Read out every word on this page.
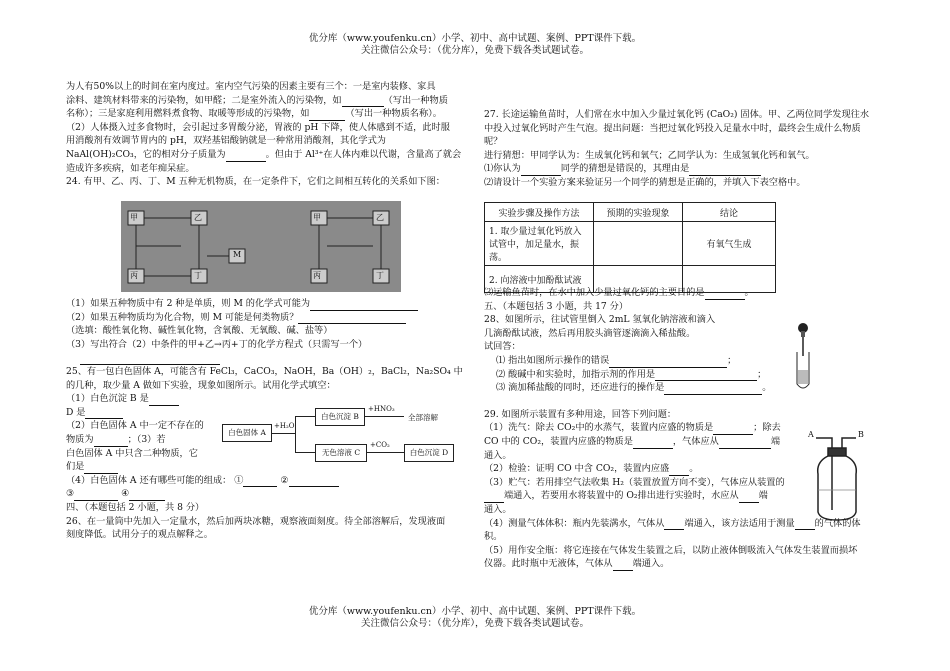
优分库（www.youfenku.cn）小学、初中、高中试题、案例、PPT课件下载。
关注微信公众号：（优分库），免费下载各类试题试卷。

为人有50%以上的时间在室内度过。室内空气污染的因素主要有三个：一是室内装修、家具

涂料、建筑材料带来的污染物，如甲醛；二是室外流入的污染物，如	（写出一种物质

名称）；三是家庭利用燃料煮食物、取暖等形成的污染物，如	（写出一种物质名称）。

（2）人体摄入过多食物时，会引起过多胃酸分泌，胃液的 pH 下降，使人体感到不适，此时服

用消酸剂有效调节胃内的 pH，双羟基铝酸钠就是一种常用消酸剂，其化学式为

NaAl(OH)₂CO₃，它的相对分子质量为	。但由于 Al³⁺在人体内难以代谢，含量高了就会

造成许多疾病，如老年痴呆症。

24. 有甲、乙、丙、丁、M 五种无机物质，在一定条件下，它们之间相互转化的关系如下图：

甲	乙
M
丙	丁
甲	乙
丙	丁

（1）如果五种物质中有 2 种是单质，则 M 的化学式可能为

（2）如果五种物质均为化合物，则 M 可能是何类物质？

（选填：酸性氧化物、碱性氧化物，含氧酸、无氧酸、碱、盐等）

（3）写出符合（2）中条件的甲+乙→丙+丁的化学方程式（只需写一个）

25、有一包白色固体 A，可能含有 FeCl₃，CaCO₃，NaOH，Ba（OH）₂，BaCl₂，Na₂SO₄ 中

的几种，取少量 A 做如下实验，现象如图所示。试用化学式填空：

（1）白色沉淀 B 是

D 是

（2）白色固体 A 中一定不存在的

物质为	；（3）若

白色固体 A 中只含二种物质，它

们是

（4）白色固体 A 还有哪些可能的组成： ①	②

③	④

四、（本题包括 2 小题，共 8 分）

26、在一量筒中先加入一定量水，然后加两块冰糖，观察液面刻度。待全部溶解后，发现液面

刻度降低。试用分子的观点解释之。

白色固体 A
+H₂O
白色沉淀 B
+HNO₃
全部溶解
无色溶液 C
+CO₂
白色沉淀 D

27. 长途运输鱼苗时，人们常在水中加入少量过氧化钙 (CaO₂) 固体。甲、乙两位同学发现往水

中投入过氧化钙时产生气泡。提出问题：当把过氧化钙投入足量水中时，最终会生成什么物质

呢？

进行猜想：甲同学认为：生成氧化钙和氧气；乙同学认为：生成氢氧化钙和氧气。

⑴你认为	同学的猜想是错误的，其理由是

⑵请设计一个实验方案来验证另一个同学的猜想是正确的，并填入下表空格中。

实验步骤及操作方法	预期的实验现象	结论
1. 取少量过氧化钙放入试管中，加足量水，振荡。		有氧气生成
2. 向溶液中加酚酞试液		

⑶运输鱼苗时，在水中加入少量过氧化钙的主要目的是	。

五、（本题包括 3 小题，共 17 分）

28、如图所示，往试管里倒入 2mL 氢氧化钠溶液和滴入

几滴酚酞试液，然后再用胶头滴管逐滴滴入稀盐酸。

试回答：

⑴ 指出如图所示操作的错误	；

⑵ 酸碱中和实验时，加指示剂的作用是	；

⑶ 滴加稀盐酸的同时，还应进行的操作是	。

29. 如图所示装置有多种用途，回答下列问题：

（1）洗气：除去 CO₂中的水蒸气，装置内应盛的物质是	；除去

CO 中的 CO₂，装置内应盛的物质是	，气体应从	端

通入。

（2）检验：证明 CO 中含 CO₂，装置内应盛 。

（3）贮气：若用排空气法收集 H₂（装置放置方向不变），气体应从装置的

端通入，若要用水将装置中的 O₂排出进行实验时，水应从 端

通入。

（4）测量气体体积：瓶内先装满水，气体从 端通入，该方法适用于测量 的气体的体

积。

（5）用作安全瓶：将它连接在气体发生装置之后，以防止液体倒吸流入气体发生装置而损坏

仪器。此时瓶中无液体，气体从 端通入。

A	B
优分库（www.youfenku.cn）小学、初中、高中试题、案例、PPT课件下载。
关注微信公众号：（优分库），免费下载各类试题试卷。
